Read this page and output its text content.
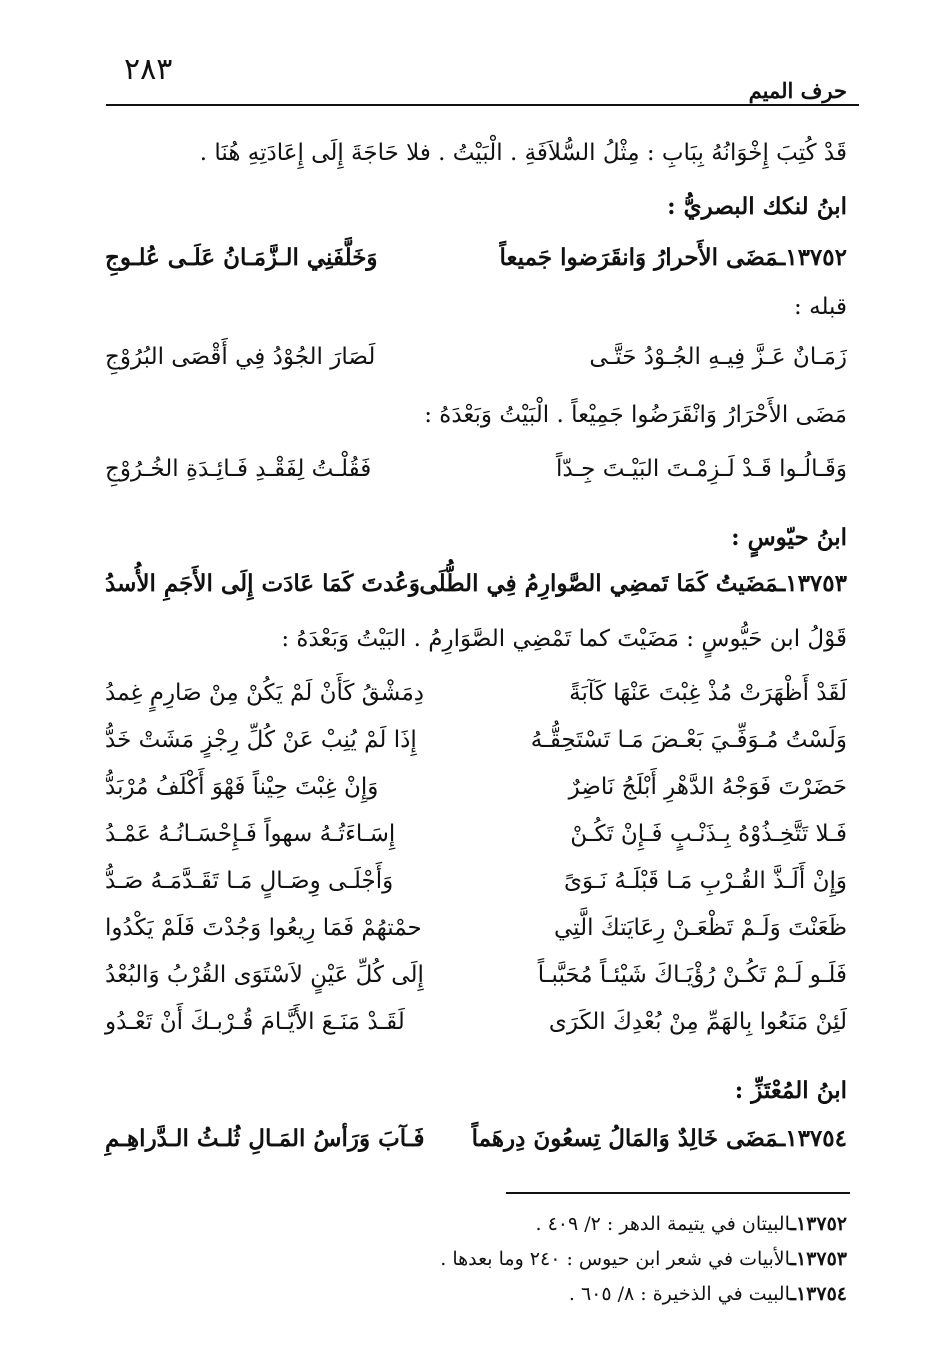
٢٨٣
حرف الميم
قَدْ كُتِبَ إِخْوَانُهُ بِبَابِ : مِثْلُ السُّلاَفَةِ . الْبَيْتُ . فلا حَاجَةَ إِلَى إِعَادَتِهِ هُنَا .
ابنُ لنكك البصريُّ :
١٣٧٥٢ـمَضَى الأَحرارُ وَانقَرَضوا جَميعاً
وَخَلَّفَنِي الـزَّمَـانُ عَلَـى عُلـوجِ
قبله :
زَمَـانٌ عَـزَّ فِيـهِ الجُـوْدُ حَتَّـى
لَصَارَ الجُوْدُ فِي أَقْصَى البُرُوْجِ
مَضَى الأَحْرَارُ وَانْقَرَضُوا جَمِيْعاً . الْبَيْتُ وَبَعْدَهُ :
وَقَـالُـوا قَـدْ لَـزِمْـتَ البَيْـتَ جِـدّاً
فَقُلْـتُ لِفَقْـدِ فَـائِـدَةِ الخُـرُوْجِ
ابنُ حيّوسٍ :
١٣٧٥٣ـمَضَيتُ كَمَا تَمضِي الصَّوارِمُ فِي الطُّلَى
وَعُدتَ كَمَا عَادَت إِلَى الأَجَمِ الأُسدُ
قَوْلُ ابن حَيُّوسٍ : مَضَيْتَ كما تَمْضِي الصَّوَارِمُ . البَيْتُ وَبَعْدَهُ :
لَقَدْ أَظْهَرَتْ مُذْ غِبْتَ عَنْهَا كَآبَةً
دِمَشْقُ كَأَنْ لَمْ يَكُنْ مِنْ صَارِمٍ غِمدُ
وَلَسْتُ مُـوَفِّـيَ بَعْـضَ مَـا تَسْتَحِقُّـهُ
إِذَا لَمْ يُنِبْ عَنْ كُلِّ رِجْزٍ مَشَتْ خَدُّ
حَضَرْتَ فَوَجْهُ الدَّهْرِ أَبْلَجُ نَاضِرٌ
وَإِنْ غِبْتَ حِيْناً فَهْوَ أَكْلَفُ مُرْبَدُّ
فَـلا تَتَّخِـذُوْهُ بِـذَنْـبٍ فَـإِنْ تَكُـنْ
إِسَـاءَتُـهُ سهواً فَـإِحْسَـانُـهُ عَمْـدُ
وَإِنْ أَلَـذَّ القُـرْبِ مَـا قَبْلَـهُ نَـوَىً
وَأَجْلَـى وِصَـالٍ مَـا تَقَـدَّمَـهُ صَـدُّ
ظَعَنْتَ وَلَـمْ تَظْعَـنْ رِعَايَتكَ الَّتِي
حمْتهُمْ فَمَا رِيعُوا وَجُدْتَ فَلَمْ يَكْدُوا
فَلَـو لَـمْ تَكُـنْ رُؤْيَـاكَ شَيْئـاً مُحَبَّبـاً
إِلَى كُلِّ عَيْنٍ لاَسْتَوَى القُرْبُ وَالبُعْدُ
لَئِنْ مَنَعُوا بِالهَمِّ مِنْ بُعْدِكَ الكَرَى
لَقَـدْ مَنَـعَ الأَيَّـامَ قُـرْبـكَ أَنْ تَعْـدُو
ابنُ المُعْتَزِّ :
١٣٧٥٤ـمَضَى خَالِدٌ وَالمَالُ تِسعُونَ دِرهَماً
فَـآبَ وَرَأسُ المَـالِ ثُلـثُ الـدَّراهِـمِ
١٣٧٥٢ـالبيتان في يتيمة الدهر : ٢/ ٤٠٩ .
١٣٧٥٣ـالأبيات في شعر ابن حيوس : ٢٤٠ وما بعدها .
١٣٧٥٤ـالبيت في الذخيرة : ٨/ ٦٠٥ .
